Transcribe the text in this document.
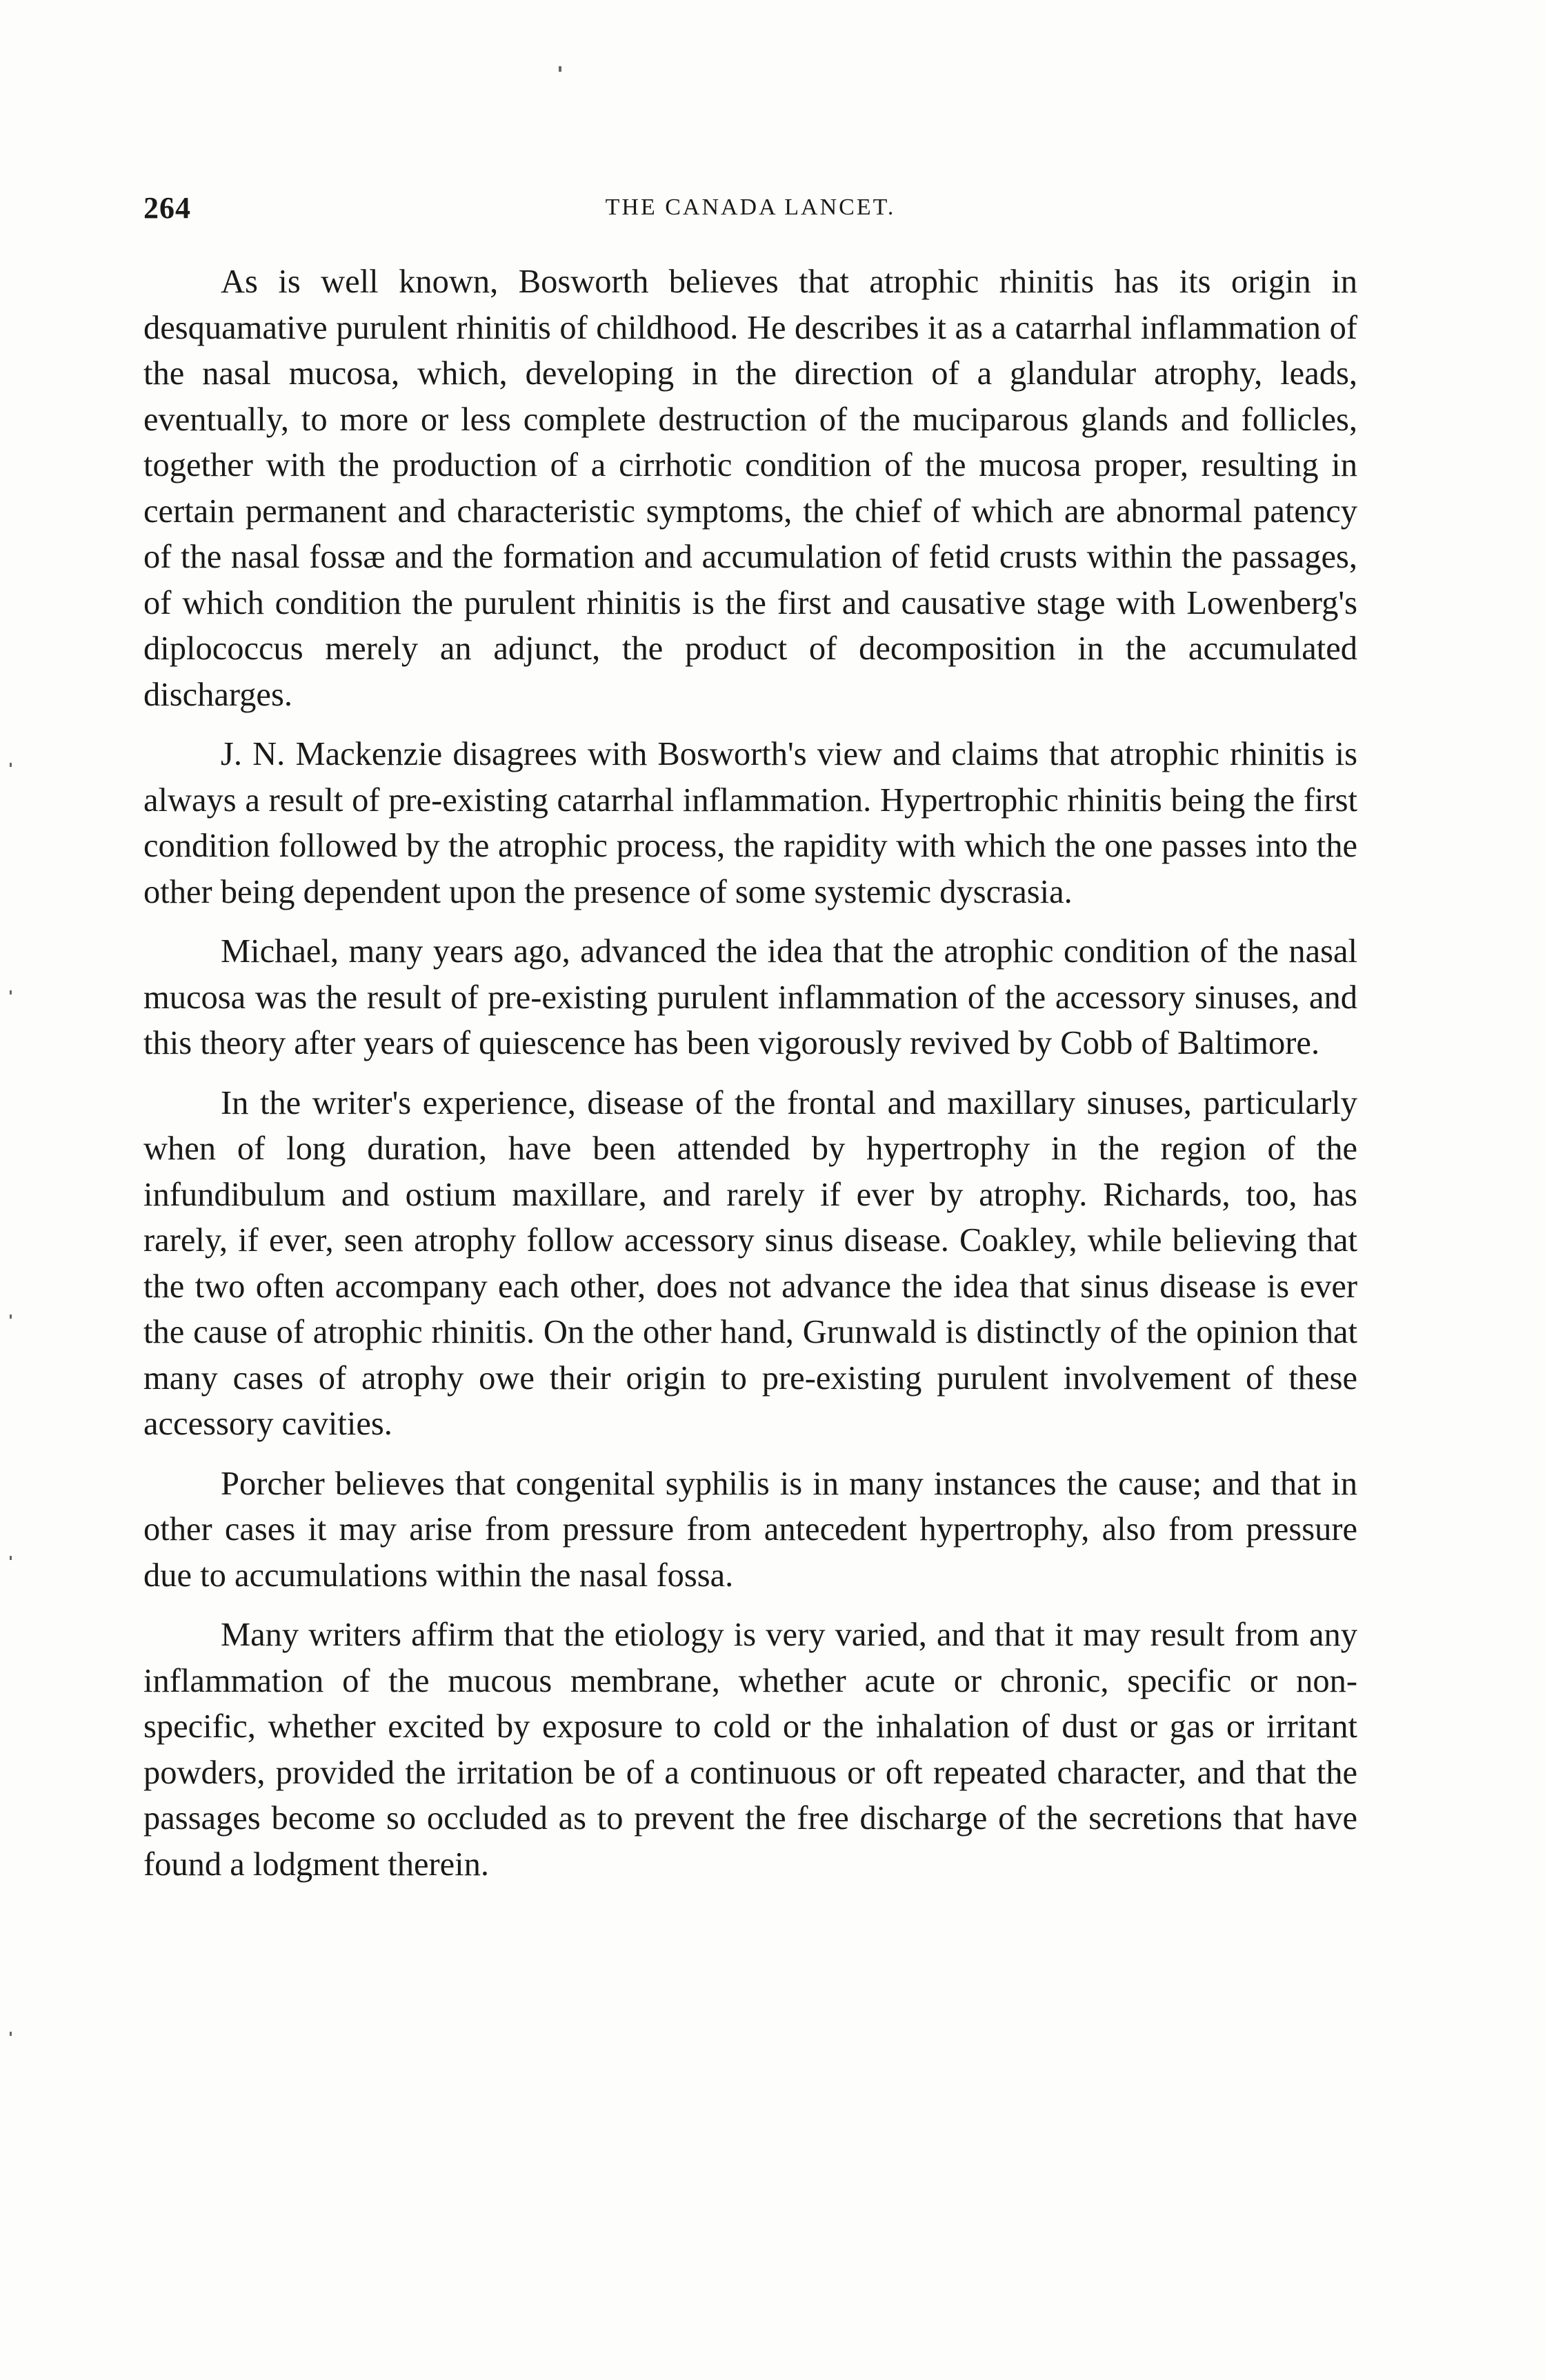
264	THE CANADA LANCET.

As is well known, Bosworth believes that atrophic rhinitis has its origin in desquamative purulent rhinitis of childhood. He describes it as a catarrhal inflammation of the nasal mucosa, which, developing in the direction of a glandular atrophy, leads, eventually, to more or less complete destruction of the muciparous glands and follicles, together with the production of a cirrhotic condition of the mucosa proper, resulting in certain permanent and characteristic symptoms, the chief of which are abnormal patency of the nasal fossæ and the formation and accumulation of fetid crusts within the passages, of which condition the purulent rhinitis is the first and causative stage with Lowenberg's diplococcus merely an adjunct, the product of decomposition in the accumulated discharges.

J. N. Mackenzie disagrees with Bosworth's view and claims that atrophic rhinitis is always a result of pre-existing catarrhal inflammation. Hypertrophic rhinitis being the first condition followed by the atrophic process, the rapidity with which the one passes into the other being dependent upon the presence of some systemic dyscrasia.

Michael, many years ago, advanced the idea that the atrophic condition of the nasal mucosa was the result of pre-existing purulent inflammation of the accessory sinuses, and this theory after years of quiescence has been vigorously revived by Cobb of Baltimore.

In the writer's experience, disease of the frontal and maxillary sinuses, particularly when of long duration, have been attended by hypertrophy in the region of the infundibulum and ostium maxillare, and rarely if ever by atrophy. Richards, too, has rarely, if ever, seen atrophy follow accessory sinus disease. Coakley, while believing that the two often accompany each other, does not advance the idea that sinus disease is ever the cause of atrophic rhinitis. On the other hand, Grunwald is distinctly of the opinion that many cases of atrophy owe their origin to pre-existing purulent involvement of these accessory cavities.

Porcher believes that congenital syphilis is in many instances the cause; and that in other cases it may arise from pressure from antecedent hypertrophy, also from pressure due to accumulations within the nasal fossa.

Many writers affirm that the etiology is very varied, and that it may result from any inflammation of the mucous membrane, whether acute or chronic, specific or non-specific, whether excited by exposure to cold or the inhalation of dust or gas or irritant powders, provided the irritation be of a continuous or oft repeated character, and that the passages become so occluded as to prevent the free discharge of the secretions that have found a lodgment therein.
